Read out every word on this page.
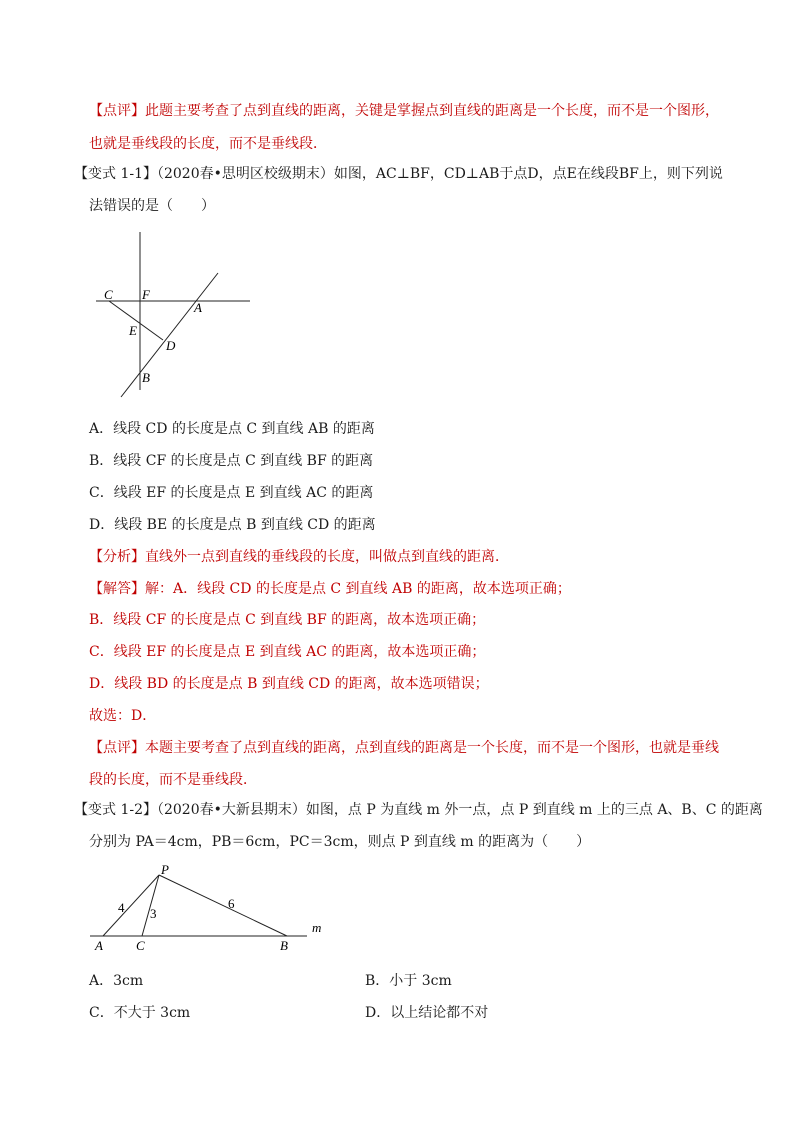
【点评】此题主要考查了点到直线的距离，关键是掌握点到直线的距离是一个长度，而不是一个图形，
也就是垂线段的长度，而不是垂线段．
【变式 1-1】（2020春•思明区校级期末）如图，AC⊥BF，CD⊥AB于点D，点E在线段BF上，则下列说
法错误的是（　　）
C F
A
E
D
B
A．线段 CD 的长度是点 C 到直线 AB 的距离
B．线段 CF 的长度是点 C 到直线 BF 的距离
C．线段 EF 的长度是点 E 到直线 AC 的距离
D．线段 BE 的长度是点 B 到直线 CD 的距离
【分析】直线外一点到直线的垂线段的长度，叫做点到直线的距离．
【解答】解：A．线段 CD 的长度是点 C 到直线 AB 的距离，故本选项正确；
B．线段 CF 的长度是点 C 到直线 BF 的距离，故本选项正确；
C．线段 EF 的长度是点 E 到直线 AC 的距离，故本选项正确；
D．线段 BD 的长度是点 B 到直线 CD 的距离，故本选项错误；
故选：D．
【点评】本题主要考查了点到直线的距离，点到直线的距离是一个长度，而不是一个图形，也就是垂线
段的长度，而不是垂线段．
【变式 1-2】（2020春•大新县期末）如图，点 P 为直线 m 外一点，点 P 到直线 m 上的三点 A、B、C 的距离
分别为 PA＝4cm，PB＝6cm，PC＝3cm，则点 P 到直线 m 的距离为（　　）
P
A	C	B
m
4 3
6
A．3cm	B．小于 3cm
C．不大于 3cm	D．以上结论都不对
